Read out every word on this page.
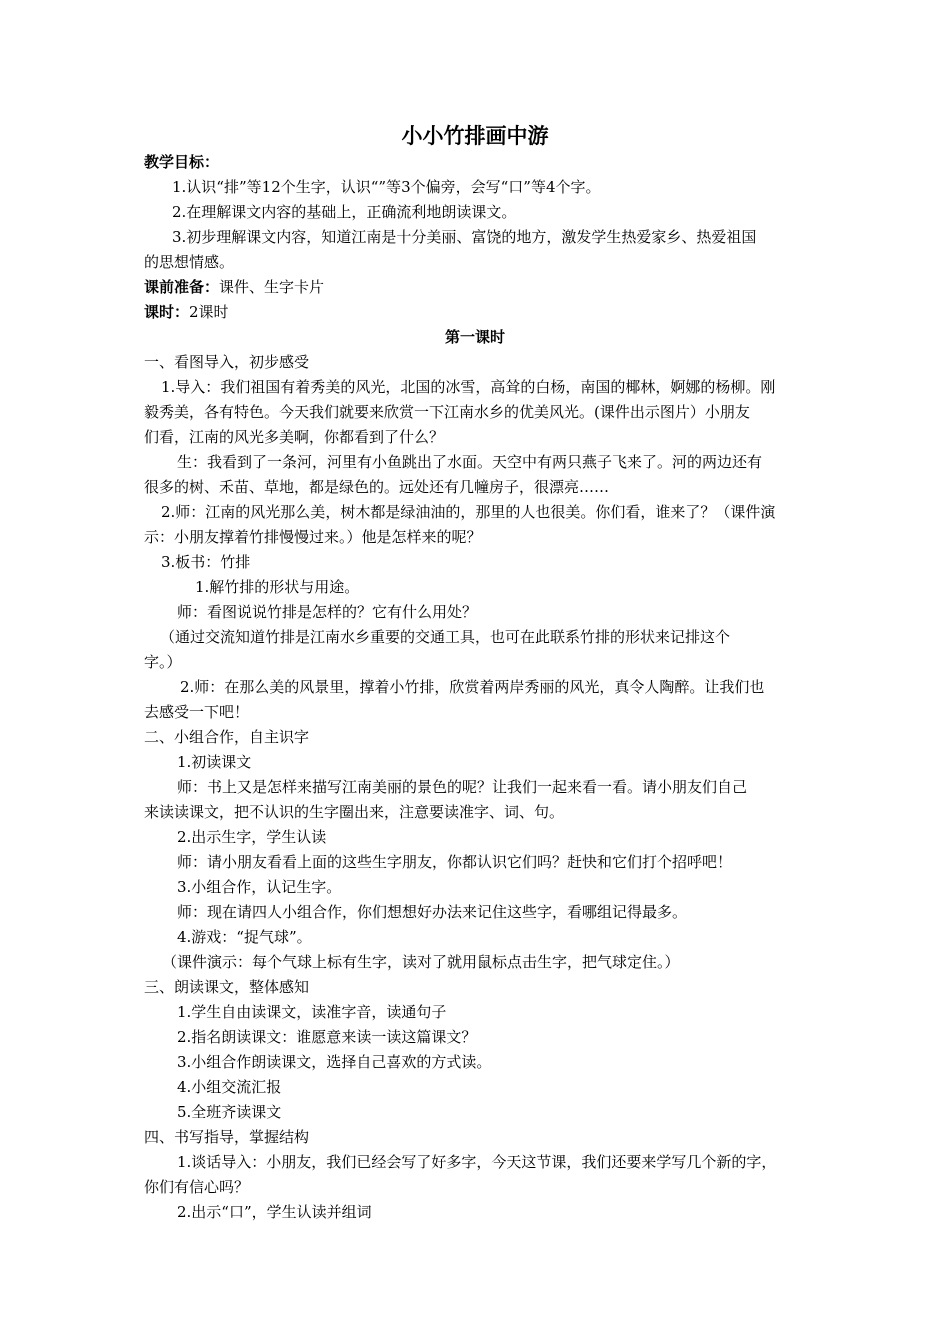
小小竹排画中游
教学目标：
1.认识“排”等12个生字，认识“”等3个偏旁，会写“口”等4个字。
2.在理解课文内容的基础上，正确流利地朗读课文。
3.初步理解课文内容，知道江南是十分美丽、富饶的地方，激发学生热爱家乡、热爱祖国
的思想情感。
课前准备：课件、生字卡片
课时：2课时
第一课时
一、看图导入，初步感受
1.导入：我们祖国有着秀美的风光，北国的冰雪，高耸的白杨，南国的椰林，婀娜的杨柳。刚
毅秀美，各有特色。今天我们就要来欣赏一下江南水乡的优美风光。(课件出示图片）小朋友
们看，江南的风光多美啊，你都看到了什么？
生：我看到了一条河，河里有小鱼跳出了水面。天空中有两只燕子飞来了。河的两边还有
很多的树、禾苗、草地，都是绿色的。远处还有几幢房子，很漂亮……
2.师：江南的风光那么美，树木都是绿油油的，那里的人也很美。你们看，谁来了？（课件演
示：小朋友撑着竹排慢慢过来。）他是怎样来的呢？
3.板书：竹排
1.解竹排的形状与用途。
师：看图说说竹排是怎样的？它有什么用处？
（通过交流知道竹排是江南水乡重要的交通工具，也可在此联系竹排的形状来记排这个
字。）
2.师：在那么美的风景里，撑着小竹排，欣赏着两岸秀丽的风光，真令人陶醉。让我们也
去感受一下吧！
二、小组合作，自主识字
1.初读课文
师：书上又是怎样来描写江南美丽的景色的呢？让我们一起来看一看。请小朋友们自己
来读读课文，把不认识的生字圈出来，注意要读准字、词、句。
2.出示生字，学生认读
师：请小朋友看看上面的这些生字朋友，你都认识它们吗？赶快和它们打个招呼吧！
3.小组合作，认记生字。
师：现在请四人小组合作，你们想想好办法来记住这些字，看哪组记得最多。
4.游戏：“捉气球”。
（课件演示：每个气球上标有生字，读对了就用鼠标点击生字，把气球定住。）
三、朗读课文，整体感知
1.学生自由读课文，读准字音，读通句子
2.指名朗读课文：谁愿意来读一读这篇课文？
3.小组合作朗读课文，选择自己喜欢的方式读。
4.小组交流汇报
5.全班齐读课文
四、书写指导，掌握结构
1.谈话导入：小朋友，我们已经会写了好多字，今天这节课，我们还要来学写几个新的字，
你们有信心吗？
2.出示“口”，学生认读并组词
